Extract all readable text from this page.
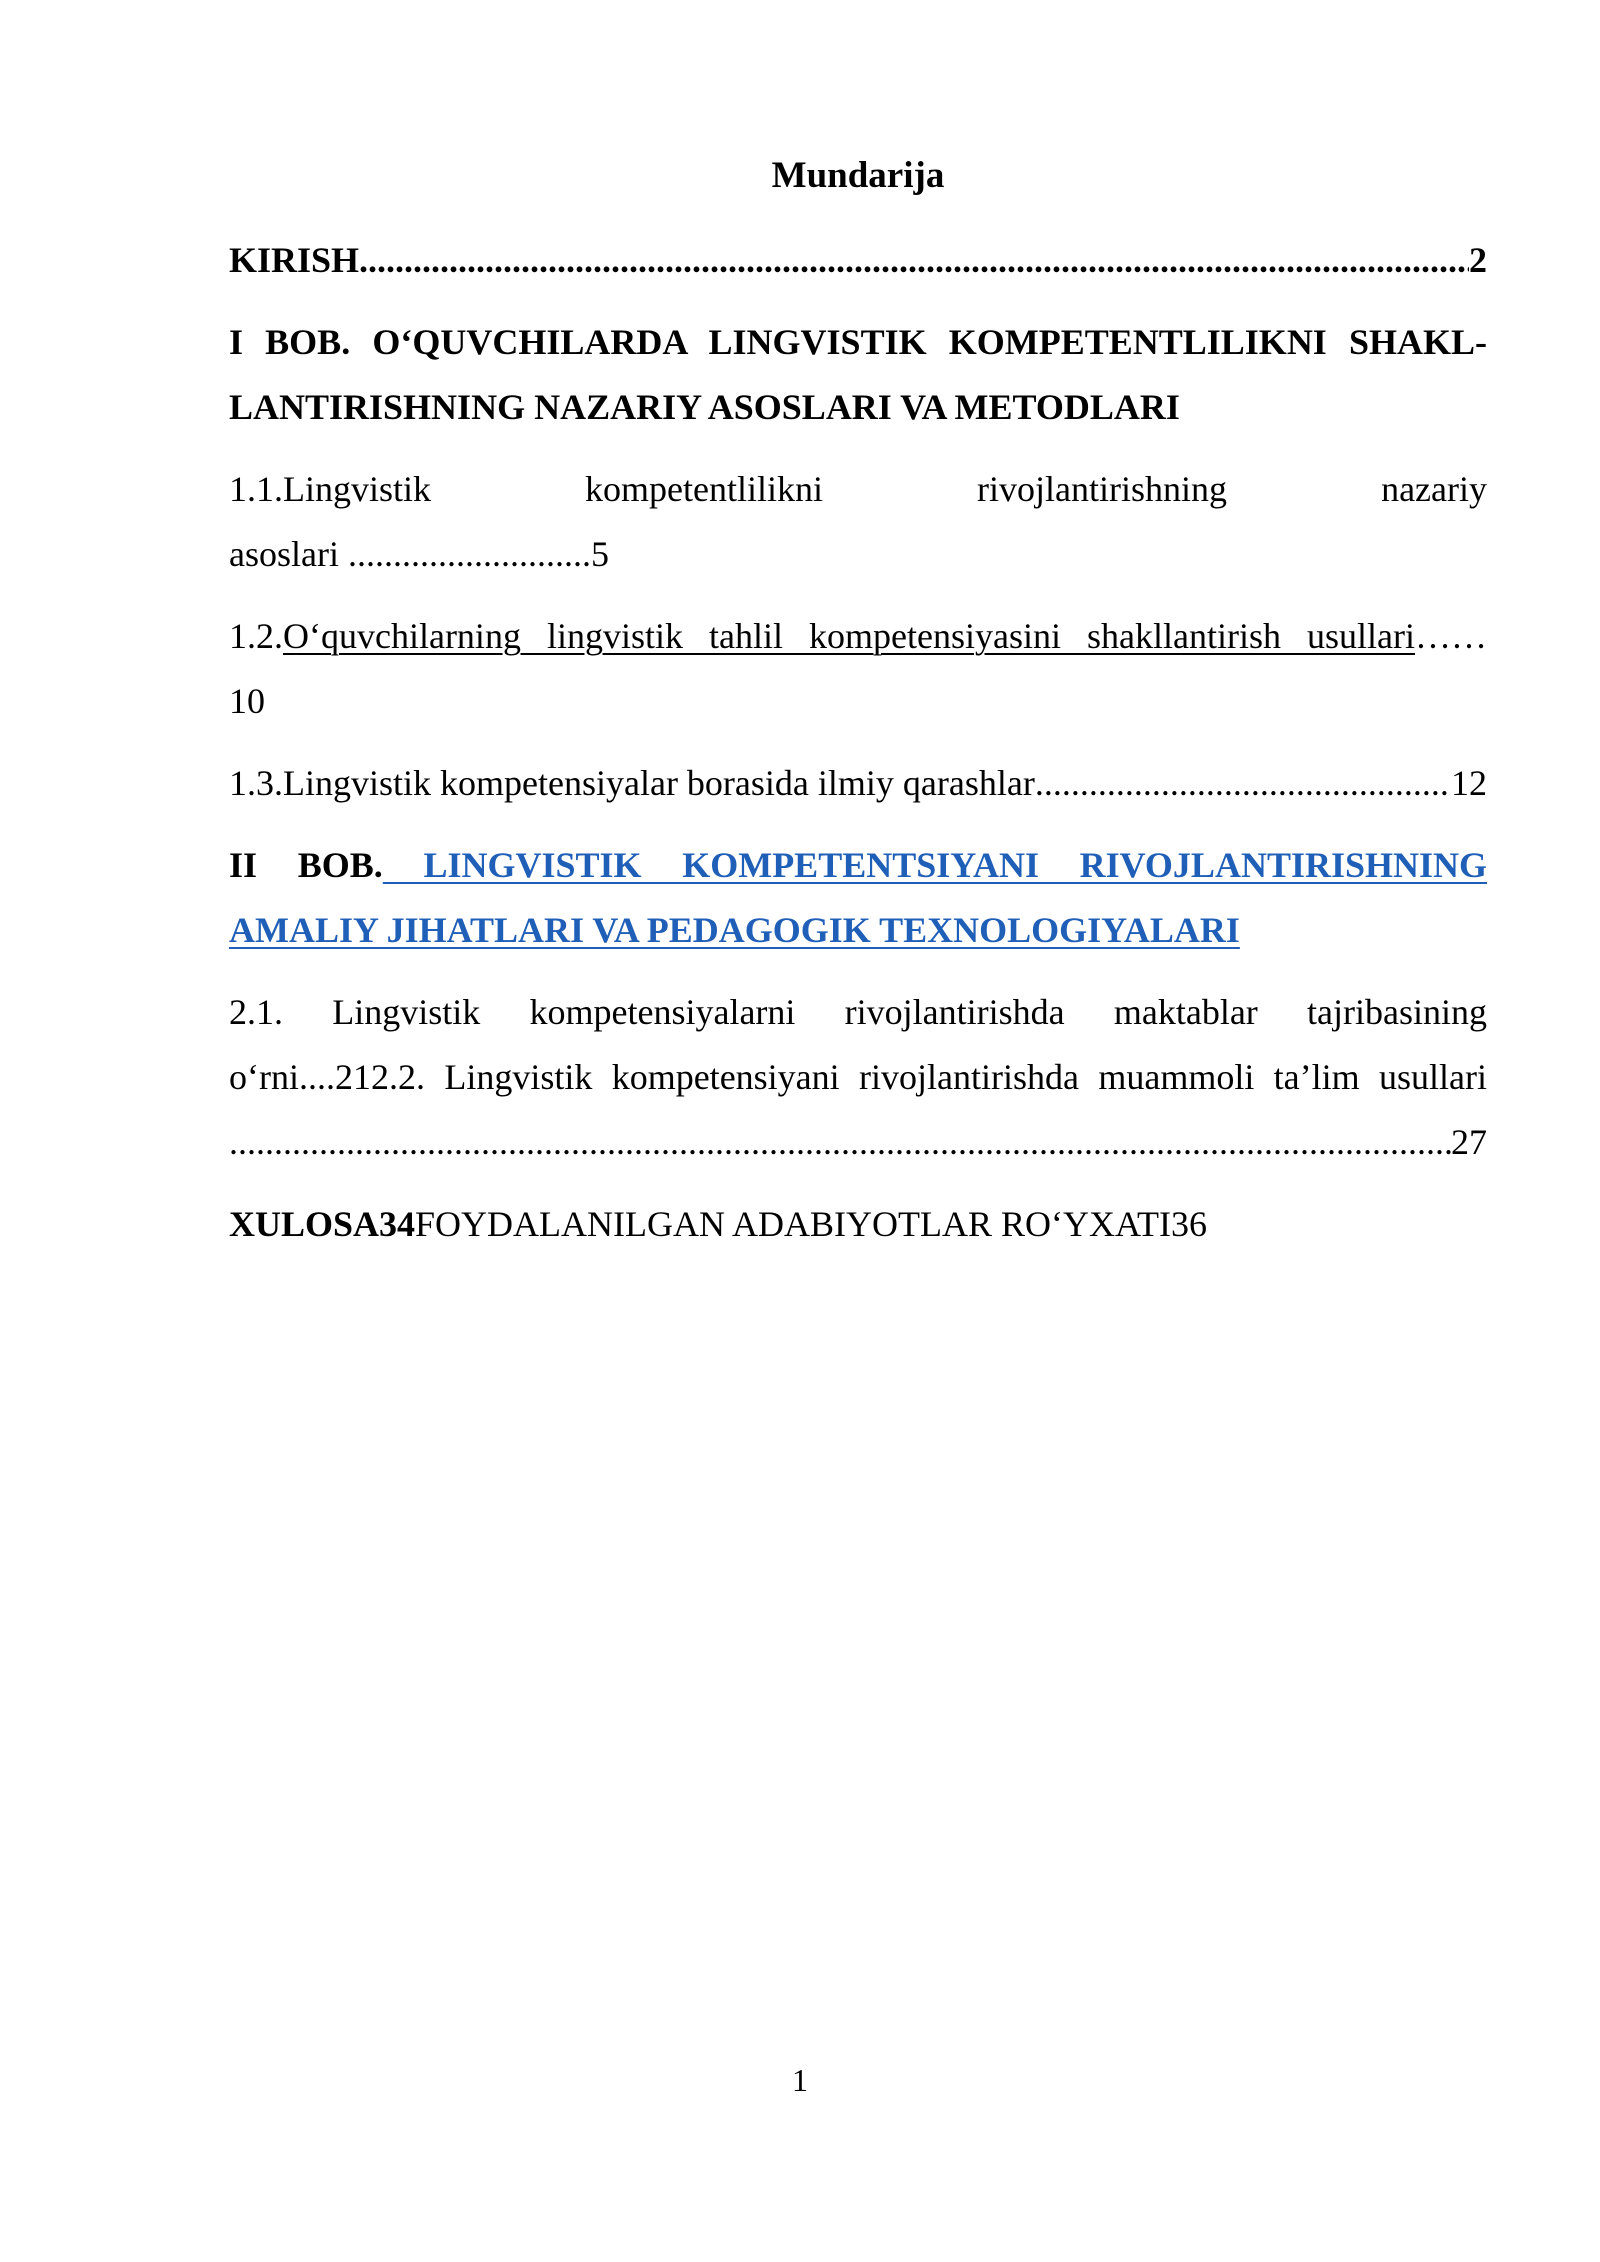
Mundarija
KIRISH .....	2
I BOB. O‘QUVCHILARDA LINGVISTIK KOMPETENTLILIKNI SHAKL-
LANTIRISHNING NAZARIY ASOSLARI VA METODLARI
1.1.Lingvistik kompetentlilikni rivojlantirishning nazariy
asoslari ...........................5
1.2.O‘quvchilarning lingvistik tahlil kompetensiyasini shakllantirish usullari……
10
1.3.Lingvistik kompetensiyalar borasida ilmiy qarashlar .....	12
II BOB. LINGVISTIK KOMPETENTSIYANI RIVOJLANTIRISHNING
AMALIY JIHATLARI VA PEDAGOGIK TEXNOLOGIYALARI
2.1. Lingvistik kompetensiyalarni rivojlantirishda maktablar tajribasining
o‘rni....212.2. Lingvistik kompetensiyani rivojlantirishda muammoli ta’lim usullari
.....
27
XULOSA34FOYDALANILGAN ADABIYOTLAR RO‘YXATI36
1
